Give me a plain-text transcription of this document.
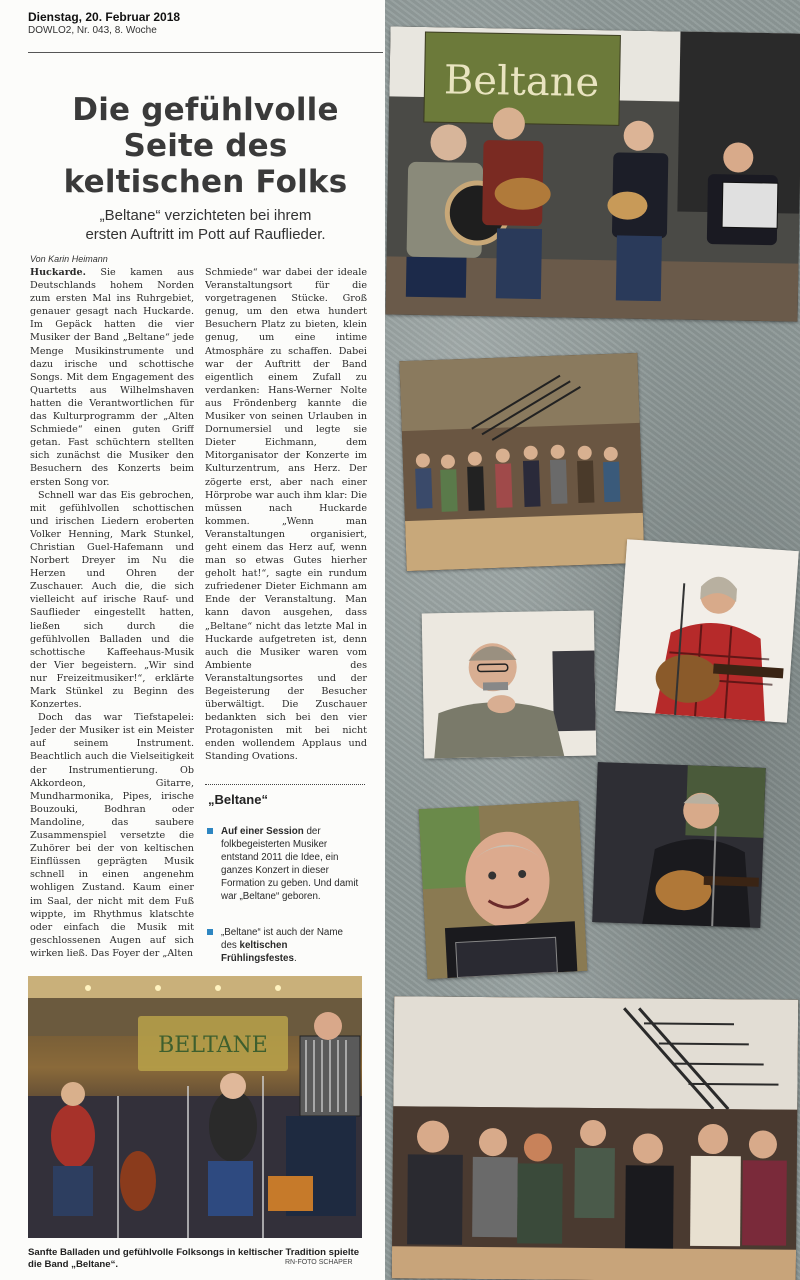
Dienstag, 20. Februar 2018
DOWLO2, Nr. 043, 8. Woche
Die gefühlvolle
Seite des
keltischen Folks
„Beltane“ verzichteten bei ihrem
ersten Auftritt im Pott auf Rauflieder.
Von Karin Heimann

Huckarde. Sie kamen aus Deutschlands hohem Norden zum ersten Mal ins Ruhrgebiet, genauer gesagt nach Huckarde. Im Gepäck hatten die vier Musiker der Band „Beltane“ jede Menge Musikinstrumente und dazu irische und schottische Songs. Mit dem Engagement des Quartetts aus Wilhelmshaven hatten die Verantwortlichen für das Kulturprogramm der „Alten Schmiede“ einen guten Griff getan. Fast schüchtern stellten sich zunächst die Musiker den Besuchern des Konzerts beim ersten Song vor.

Schnell war das Eis gebrochen, mit gefühlvollen schottischen und irischen Liedern eroberten Volker Henning, Mark Stunkel, Christian Guel-Hafemann und Norbert Dreyer im Nu die Herzen und Ohren der Zuschauer. Auch die, die sich vielleicht auf irische Rauf- und Sauflieder eingestellt hatten, ließen sich durch die gefühlvollen Balladen und die schottische Kaffeehaus-Musik der Vier begeistern. „Wir sind nur Freizeitmusiker!“, erklärte Mark Stünkel zu Beginn des Konzertes.

Doch das war Tiefstapelei: Jeder der Musiker ist ein Meister auf seinem Instrument. Beachtlich auch die Vielseitigkeit der Instrumentierung. Ob Akkordeon, Gitarre, Mundharmonika, Pipes, irische Bouzouki, Bodhran oder Mandoline, das saubere Zusammenspiel versetzte die Zuhörer bei der von keltischen Einflüssen geprägten Musik schnell in einen angenehm wohligen Zustand. Kaum einer im Saal, der nicht mit dem Fuß wippte, im Rhythmus klatschte oder einfach die Musik mit geschlossenen Augen auf sich wirken ließ. Das Foyer der „Alten

Schmiede“ war dabei der ideale Veranstaltungsort für die vorgetragenen Stücke. Groß genug, um den etwa hundert Besuchern Platz zu bieten, klein genug, um eine intime Atmosphäre zu schaffen. Dabei war der Auftritt der Band eigentlich einem Zufall zu verdanken: Hans-Werner Nolte aus Fröndenberg kannte die Musiker von seinen Urlauben in Dornumersiel und legte sie Dieter Eichmann, dem Mitorganisator der Konzerte im Kulturzentrum, ans Herz. Der zögerte erst, aber nach einer Hörprobe war auch ihm klar: Die müssen nach Huckarde kommen. „Wenn man Veranstaltungen organisiert, geht einem das Herz auf, wenn man so etwas Gutes hierher geholt hat!“, sagte ein rundum zufriedener Dieter Eichmann am Ende der Veranstaltung. Man kann davon ausgehen, dass „Beltane“ nicht das letzte Mal in Huckarde aufgetreten ist, denn auch die Musiker waren vom Ambiente des Veranstaltungsortes und der Begeisterung der Besucher überwältigt. Die Zuschauer bedankten sich bei den vier Protagonisten mit bei nicht enden wollendem Applaus und Standing Ovations.

„Beltane“
Auf einer Session der folkbegeisterten Musiker entstand 2011 die Idee, ein ganzes Konzert in dieser Formation zu geben. Und damit war „Beltane“ geboren.
„Beltane“ ist auch der Name des keltischen Frühlingsfestes.
BELTANE
Sanfte Balladen und gefühlvolle Folksongs in keltischer Tradition spielte die Band „Beltane“.	RN-FOTO SCHAPER
Beltane
